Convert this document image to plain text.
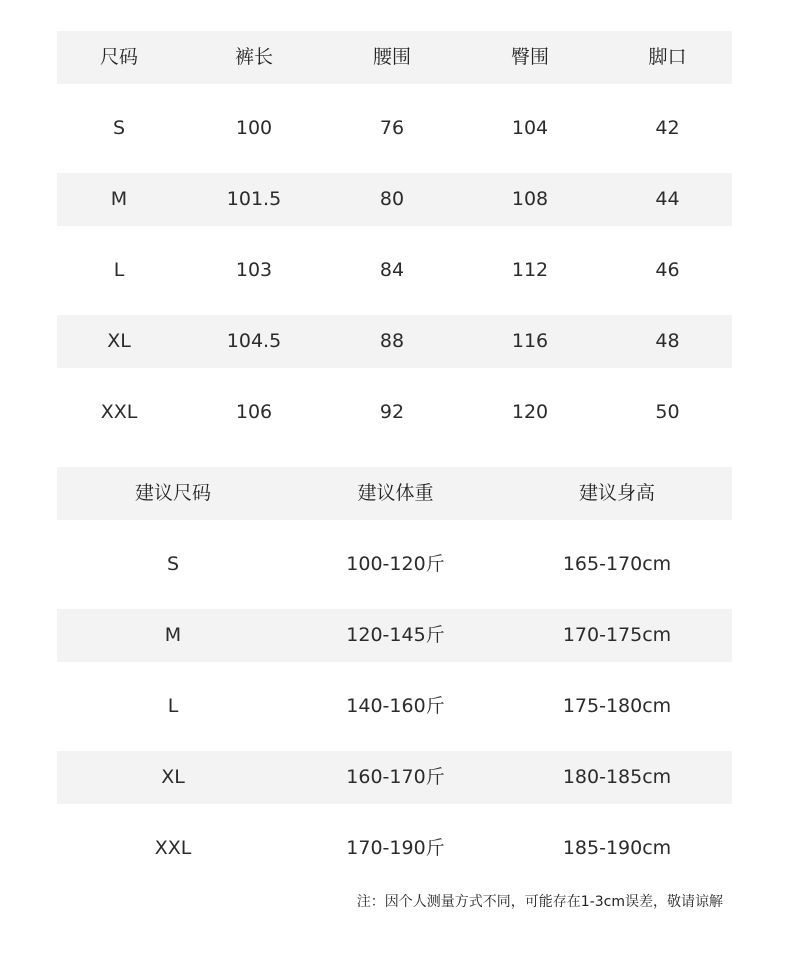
尺码	裤长	腰围	臀围	脚口
S	100	76	104	42
M	101.5	80	108	44
L	103	84	112	46
XL	104.5	88	116	48
XXL	106	92	120	50
建议尺码	建议体重	建议身高
S	100-120斤	165-170cm
M	120-145斤	170-175cm
L	140-160斤	175-180cm
XL	160-170斤	180-185cm
XXL	170-190斤	185-190cm
注：因个人测量方式不同，可能存在1-3cm误差，敬请谅解
